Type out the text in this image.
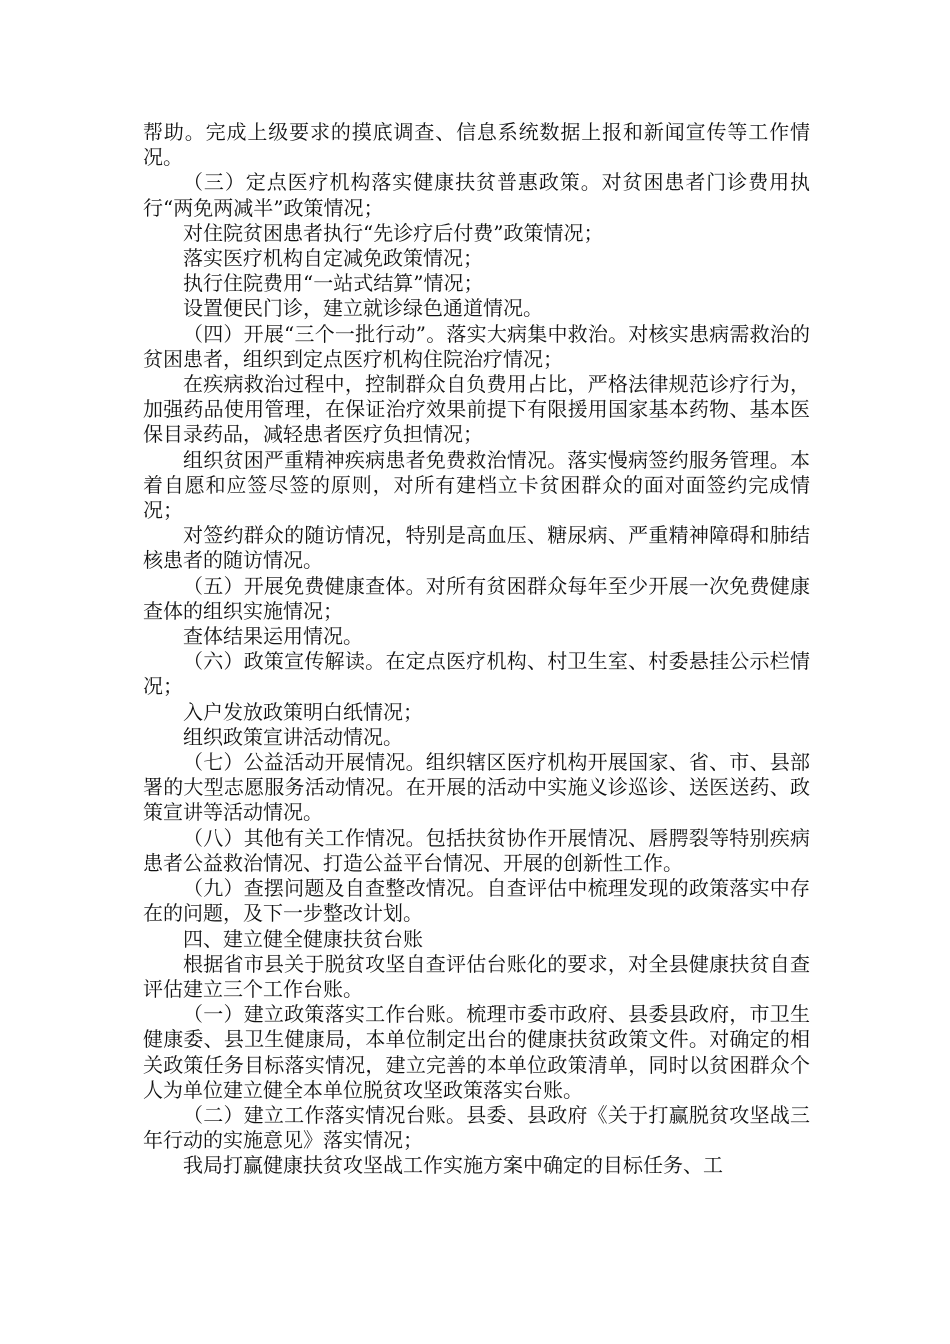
帮助。完成上级要求的摸底调查、信息系统数据上报和新闻宣传等工作情况。

（三）定点医疗机构落实健康扶贫普惠政策。对贫困患者门诊费用执行“两免两减半”政策情况；

对住院贫困患者执行“先诊疗后付费”政策情况；

落实医疗机构自定减免政策情况；

执行住院费用“一站式结算”情况；

设置便民门诊，建立就诊绿色通道情况。

（四）开展“三个一批行动”。落实大病集中救治。对核实患病需救治的贫困患者，组织到定点医疗机构住院治疗情况；

在疾病救治过程中，控制群众自负费用占比，严格法律规范诊疗行为，加强药品使用管理，在保证治疗效果前提下有限援用国家基本药物、基本医保目录药品，减轻患者医疗负担情况；

组织贫困严重精神疾病患者免费救治情况。落实慢病签约服务管理。本着自愿和应签尽签的原则，对所有建档立卡贫困群众的面对面签约完成情况；

对签约群众的随访情况，特别是高血压、糖尿病、严重精神障碍和肺结核患者的随访情况。

（五）开展免费健康查体。对所有贫困群众每年至少开展一次免费健康查体的组织实施情况；

查体结果运用情况。

（六）政策宣传解读。在定点医疗机构、村卫生室、村委悬挂公示栏情况；

入户发放政策明白纸情况；

组织政策宣讲活动情况。

（七）公益活动开展情况。组织辖区医疗机构开展国家、省、市、县部署的大型志愿服务活动情况。在开展的活动中实施义诊巡诊、送医送药、政策宣讲等活动情况。

（八）其他有关工作情况。包括扶贫协作开展情况、唇腭裂等特别疾病患者公益救治情况、打造公益平台情况、开展的创新性工作。

（九）查摆问题及自查整改情况。自查评估中梳理发现的政策落实中存在的问题，及下一步整改计划。

四、建立健全健康扶贫台账

根据省市县关于脱贫攻坚自查评估台账化的要求，对全县健康扶贫自查评估建立三个工作台账。

（一）建立政策落实工作台账。梳理市委市政府、县委县政府，市卫生健康委、县卫生健康局，本单位制定出台的健康扶贫政策文件。对确定的相关政策任务目标落实情况，建立完善的本单位政策清单，同时以贫困群众个人为单位建立健全本单位脱贫攻坚政策落实台账。

（二）建立工作落实情况台账。县委、县政府《关于打赢脱贫攻坚战三年行动的实施意见》落实情况；

我局打赢健康扶贫攻坚战工作实施方案中确定的目标任务、工
